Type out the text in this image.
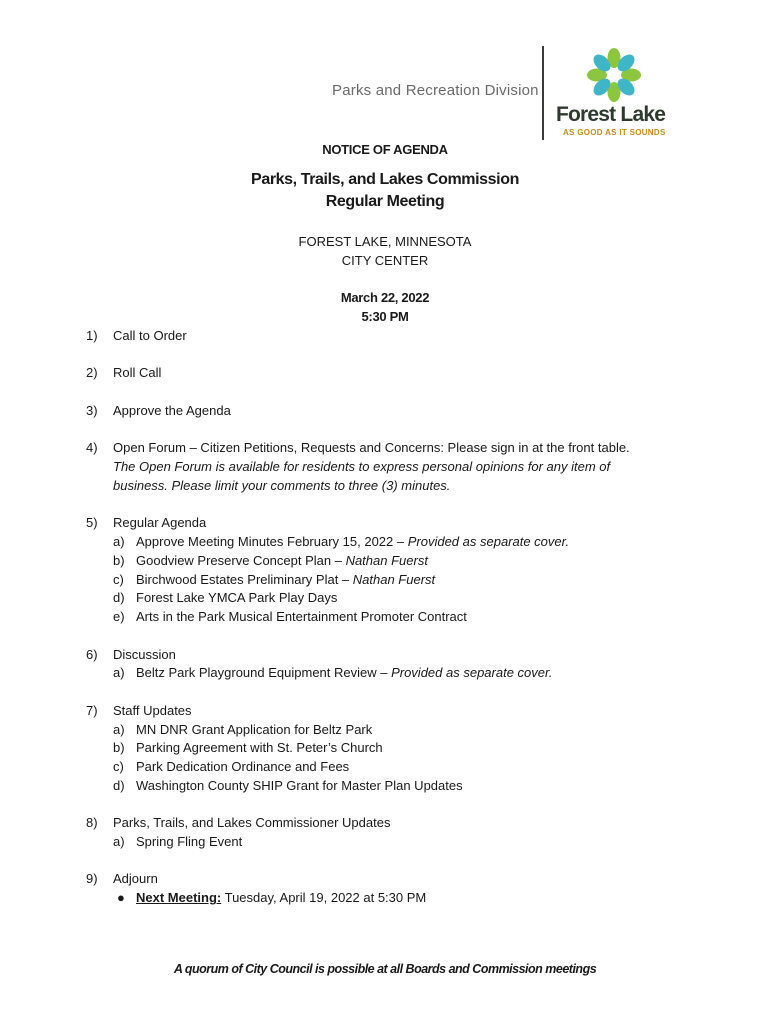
Parks and Recreation Division
Forest Lake
AS GOOD AS IT SOUNDS
NOTICE OF AGENDA
Parks, Trails, and Lakes Commission
Regular Meeting
FOREST LAKE, MINNESOTA
CITY CENTER
March 22, 2022
5:30 PM
1) Call to Order
2) Roll Call
3) Approve the Agenda
4) Open Forum – Citizen Petitions, Requests and Concerns: Please sign in at the front table.
The Open Forum is available for residents to express personal opinions for any item of
business. Please limit your comments to three (3) minutes.
5) Regular Agenda
a) Approve Meeting Minutes February 15, 2022 – Provided as separate cover.
b) Goodview Preserve Concept Plan – Nathan Fuerst
c) Birchwood Estates Preliminary Plat – Nathan Fuerst
d) Forest Lake YMCA Park Play Days
e) Arts in the Park Musical Entertainment Promoter Contract
6) Discussion
a) Beltz Park Playground Equipment Review – Provided as separate cover.
7) Staff Updates
a) MN DNR Grant Application for Beltz Park
b) Parking Agreement with St. Peter’s Church
c) Park Dedication Ordinance and Fees
d) Washington County SHIP Grant for Master Plan Updates
8) Parks, Trails, and Lakes Commissioner Updates
a) Spring Fling Event
9) Adjourn
● Next Meeting: Tuesday, April 19, 2022 at 5:30 PM
A quorum of City Council is possible at all Boards and Commission meetings
